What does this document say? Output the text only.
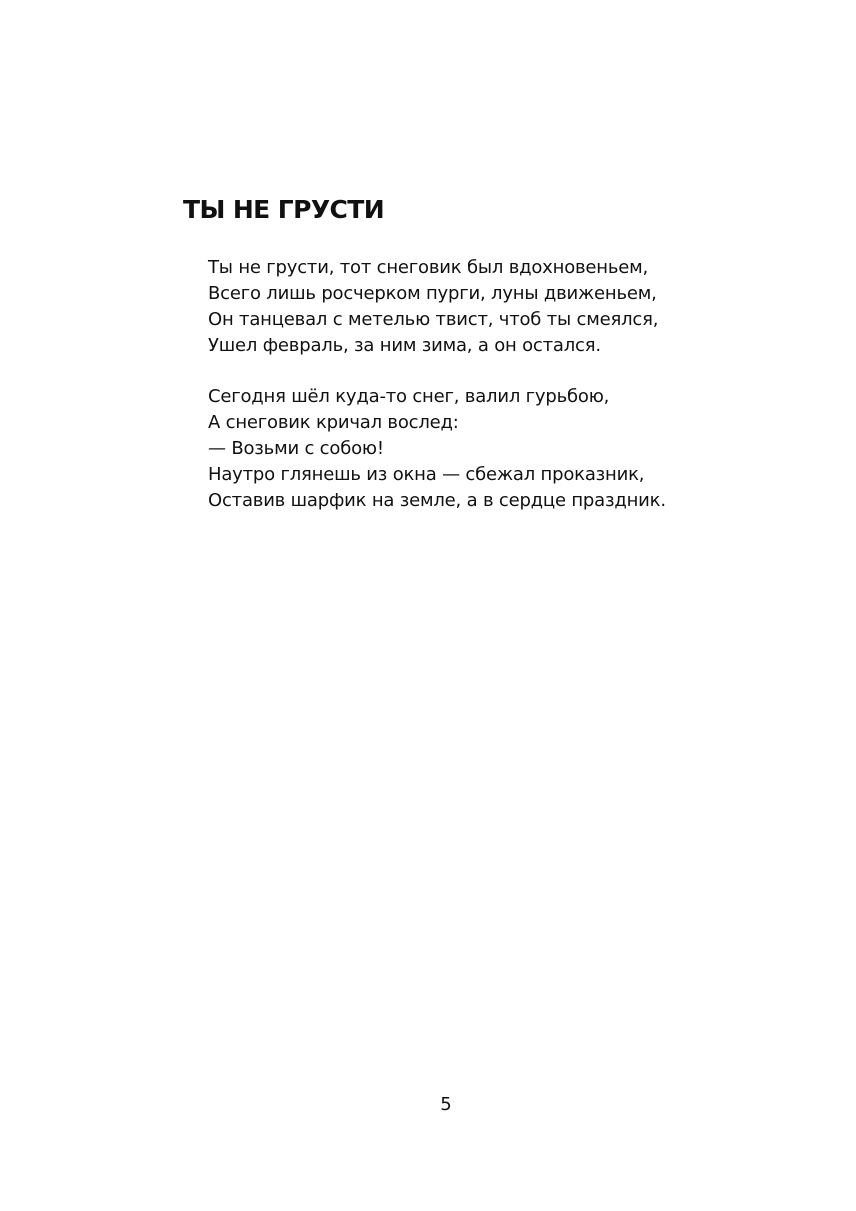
ТЫ НЕ ГРУСТИ

Ты не грусти, тот снеговик был вдохновеньем,
Всего лишь росчерком пурги, луны движеньем,
Он танцевал с метелью твист, чтоб ты смеялся,
Ушел февраль, за ним зима, а он остался.

Сегодня шёл куда-то снег, валил гурьбою,
А снеговик кричал вослед:
— Возьми с собою!
Наутро глянешь из окна — сбежал проказник,
Оставив шарфик на земле, а в сердце праздник.

5
